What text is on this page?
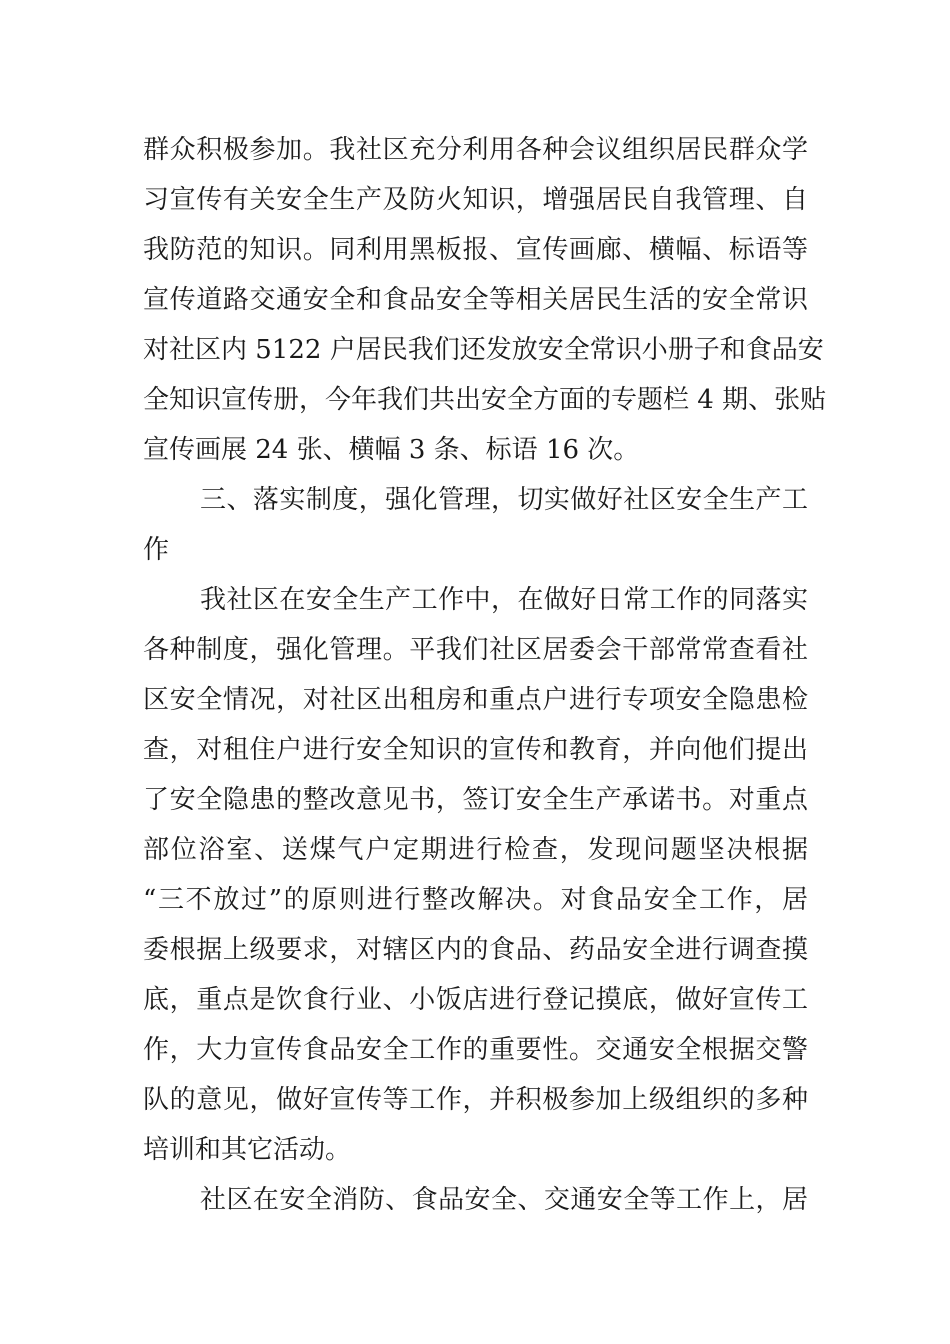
群众积极参加。我社区充分利用各种会议组织居民群众学
习宣传有关安全生产及防火知识，增强居民自我管理、自
我防范的知识。同利用黑板报、宣传画廊、横幅、标语等
宣传道路交通安全和食品安全等相关居民生活的安全常识
对社区内 5122 户居民我们还发放安全常识小册子和食品安
全知识宣传册，今年我们共出安全方面的专题栏 4 期、张贴
宣传画展 24 张、横幅 3 条、标语 16 次。
三、落实制度，强化管理，切实做好社区安全生产工
作
我社区在安全生产工作中，在做好日常工作的同落实
各种制度，强化管理。平我们社区居委会干部常常查看社
区安全情况，对社区出租房和重点户进行专项安全隐患检
查，对租住户进行安全知识的宣传和教育，并向他们提出
了安全隐患的整改意见书，签订安全生产承诺书。对重点
部位浴室、送煤气户定期进行检查，发现问题坚决根据
“三不放过”的原则进行整改解决。对食品安全工作，居
委根据上级要求，对辖区内的食品、药品安全进行调查摸
底，重点是饮食行业、小饭店进行登记摸底，做好宣传工
作，大力宣传食品安全工作的重要性。交通安全根据交警
队的意见，做好宣传等工作，并积极参加上级组织的多种
培训和其它活动。
社区在安全消防、食品安全、交通安全等工作上，居
